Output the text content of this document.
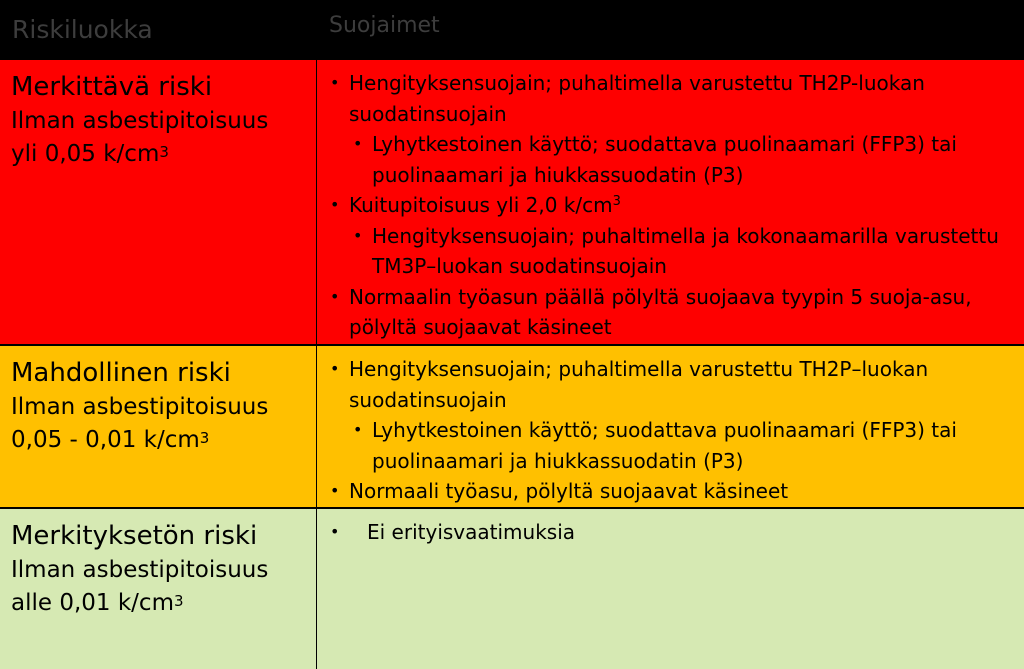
Riskiluokka	Suojaimet
Merkittävä riski
Ilman asbestipitoisuus
yli 0,05 $k/cm^3$
• Hengityksensuojain; puhaltimella varustettu TH2P-luokan suodatinsuojain
• Lyhytkestoinen käyttö; suodattava puolinaamari (FFP3) tai puolinaamari ja hiukkassuodatin (P3)
• Kuitupitoisuus yli 2,0 $k/cm^3$
• Hengityksensuojain; puhaltimella ja kokonaamarilla varustettu TM3P–luokan suodatinsuojain
• Normaalin työasun päällä pölyltä suojaava tyypin 5 suoja-asu, pölyltä suojaavat käsineet
Mahdollinen riski
Ilman asbestipitoisuus
0,05 - 0,01 $k/cm^3$
• Hengityksensuojain; puhaltimella varustettu TH2P–luokan suodatinsuojain
• Lyhytkestoinen käyttö; suodattava puolinaamari (FFP3) tai puolinaamari ja hiukkassuodatin (P3)
• Normaali työasu, pölyltä suojaavat käsineet
Merkityksetön riski
Ilman asbestipitoisuus
alle 0,01 $k/cm^3$
• Ei erityisvaatimuksia
